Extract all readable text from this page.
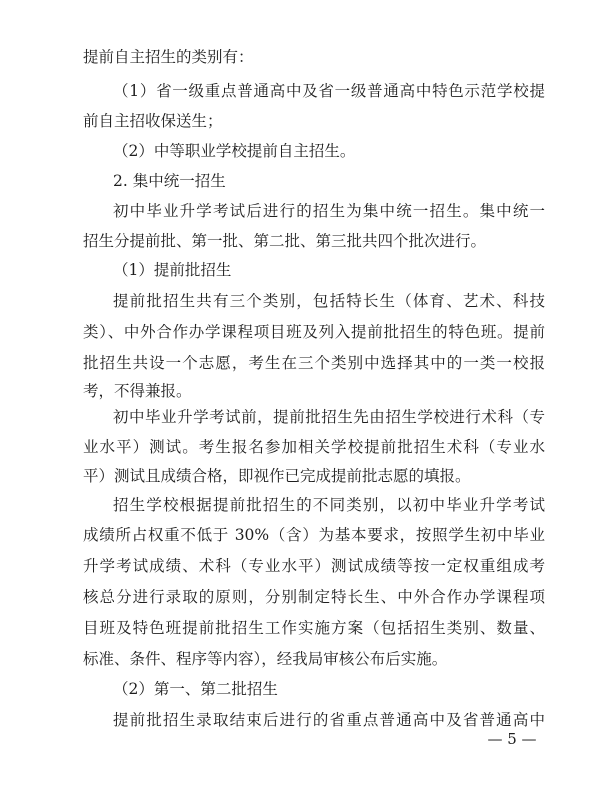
提前自主招生的类别有：
（1）省一级重点普通高中及省一级普通高中特色示范学校提
前自主招收保送生；
（2）中等职业学校提前自主招生。
2. 集中统一招生
初中毕业升学考试后进行的招生为集中统一招生。集中统一
招生分提前批、第一批、第二批、第三批共四个批次进行。
（1）提前批招生
提前批招生共有三个类别，包括特长生（体育、艺术、科技
类）、中外合作办学课程项目班及列入提前批招生的特色班。提前
批招生共设一个志愿，考生在三个类别中选择其中的一类一校报
考，不得兼报。
初中毕业升学考试前，提前批招生先由招生学校进行术科（专
业水平）测试。考生报名参加相关学校提前批招生术科（专业水
平）测试且成绩合格，即视作已完成提前批志愿的填报。
招生学校根据提前批招生的不同类别，以初中毕业升学考试
成绩所占权重不低于 30%（含）为基本要求，按照学生初中毕业
升学考试成绩、术科（专业水平）测试成绩等按一定权重组成考
核总分进行录取的原则，分别制定特长生、中外合作办学课程项
目班及特色班提前批招生工作实施方案（包括招生类别、数量、
标准、条件、程序等内容），经我局审核公布后实施。
（2）第一、第二批招生
提前批招生录取结束后进行的省重点普通高中及省普通高中
— 5 —
